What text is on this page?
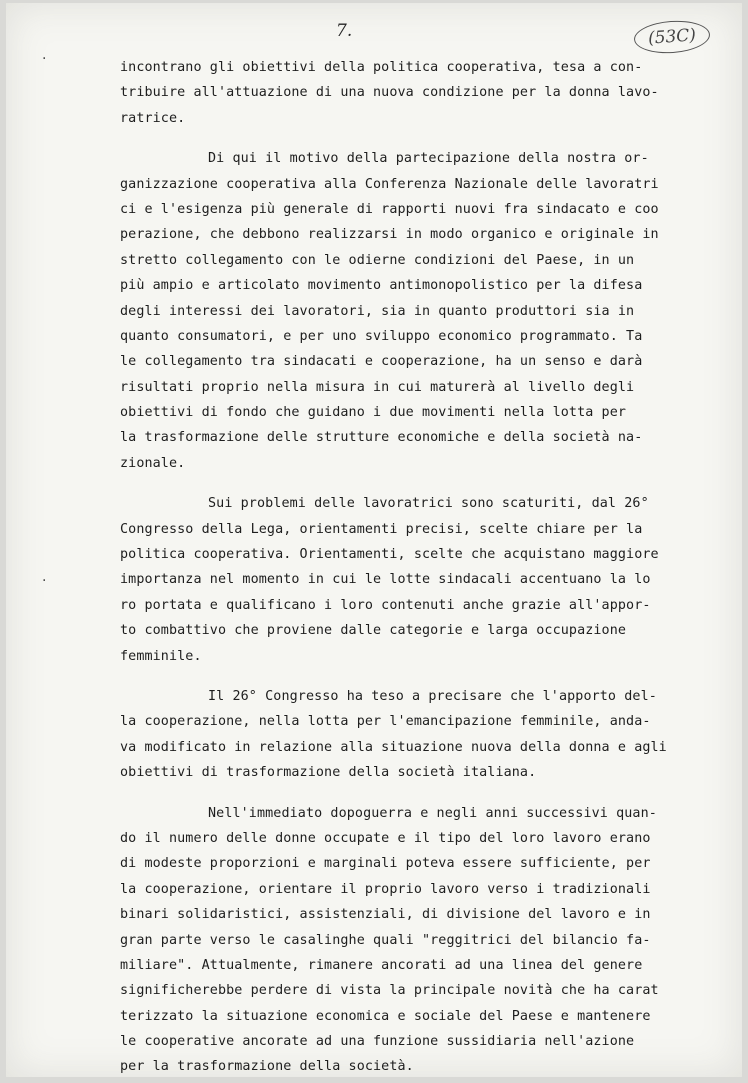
7.	(53C)
·
·
incontrano gli obiettivi della politica cooperativa, tesa a con-
tribuire all'attuazione di una nuova condizione per la donna lavo-
ratrice.
Di qui il motivo della partecipazione della nostra or-
ganizzazione cooperativa alla Conferenza Nazionale delle lavoratri
ci e l'esigenza più generale di rapporti nuovi fra sindacato e coo
perazione, che debbono realizzarsi in modo organico e originale in
stretto collegamento con le odierne condizioni del Paese, in un
più ampio e articolato movimento antimonopolistico per la difesa
degli interessi dei lavoratori, sia in quanto produttori sia in
quanto consumatori, e per uno sviluppo economico programmato. Ta
le collegamento tra sindacati e cooperazione, ha un senso e darà
risultati proprio nella misura in cui maturerà al livello degli
obiettivi di fondo che guidano i due movimenti nella lotta per
la trasformazione delle strutture economiche e della società na-
zionale.
Sui problemi delle lavoratrici sono scaturiti, dal 26°
Congresso della Lega, orientamenti precisi, scelte chiare per la
politica cooperativa. Orientamenti, scelte che acquistano maggiore
importanza nel momento in cui le lotte sindacali accentuano la lo
ro portata e qualificano i loro contenuti anche grazie all'appor-
to combattivo che proviene dalle categorie e larga occupazione
femminile.
Il 26° Congresso ha teso a precisare che l'apporto del-
la cooperazione, nella lotta per l'emancipazione femminile, anda-
va modificato in relazione alla situazione nuova della donna e agli
obiettivi di trasformazione della società italiana.
Nell'immediato dopoguerra e negli anni successivi quan-
do il numero delle donne occupate e il tipo del loro lavoro erano
di modeste proporzioni e marginali poteva essere sufficiente, per
la cooperazione, orientare il proprio lavoro verso i tradizionali
binari solidaristici, assistenziali, di divisione del lavoro e in
gran parte verso le casalinghe quali "reggitrici del bilancio fa-
miliare". Attualmente, rimanere ancorati ad una linea del genere
significherebbe perdere di vista la principale novità che ha carat
terizzato la situazione economica e sociale del Paese e mantenere
le cooperative ancorate ad una funzione sussidiaria nell'azione
per la trasformazione della società.
